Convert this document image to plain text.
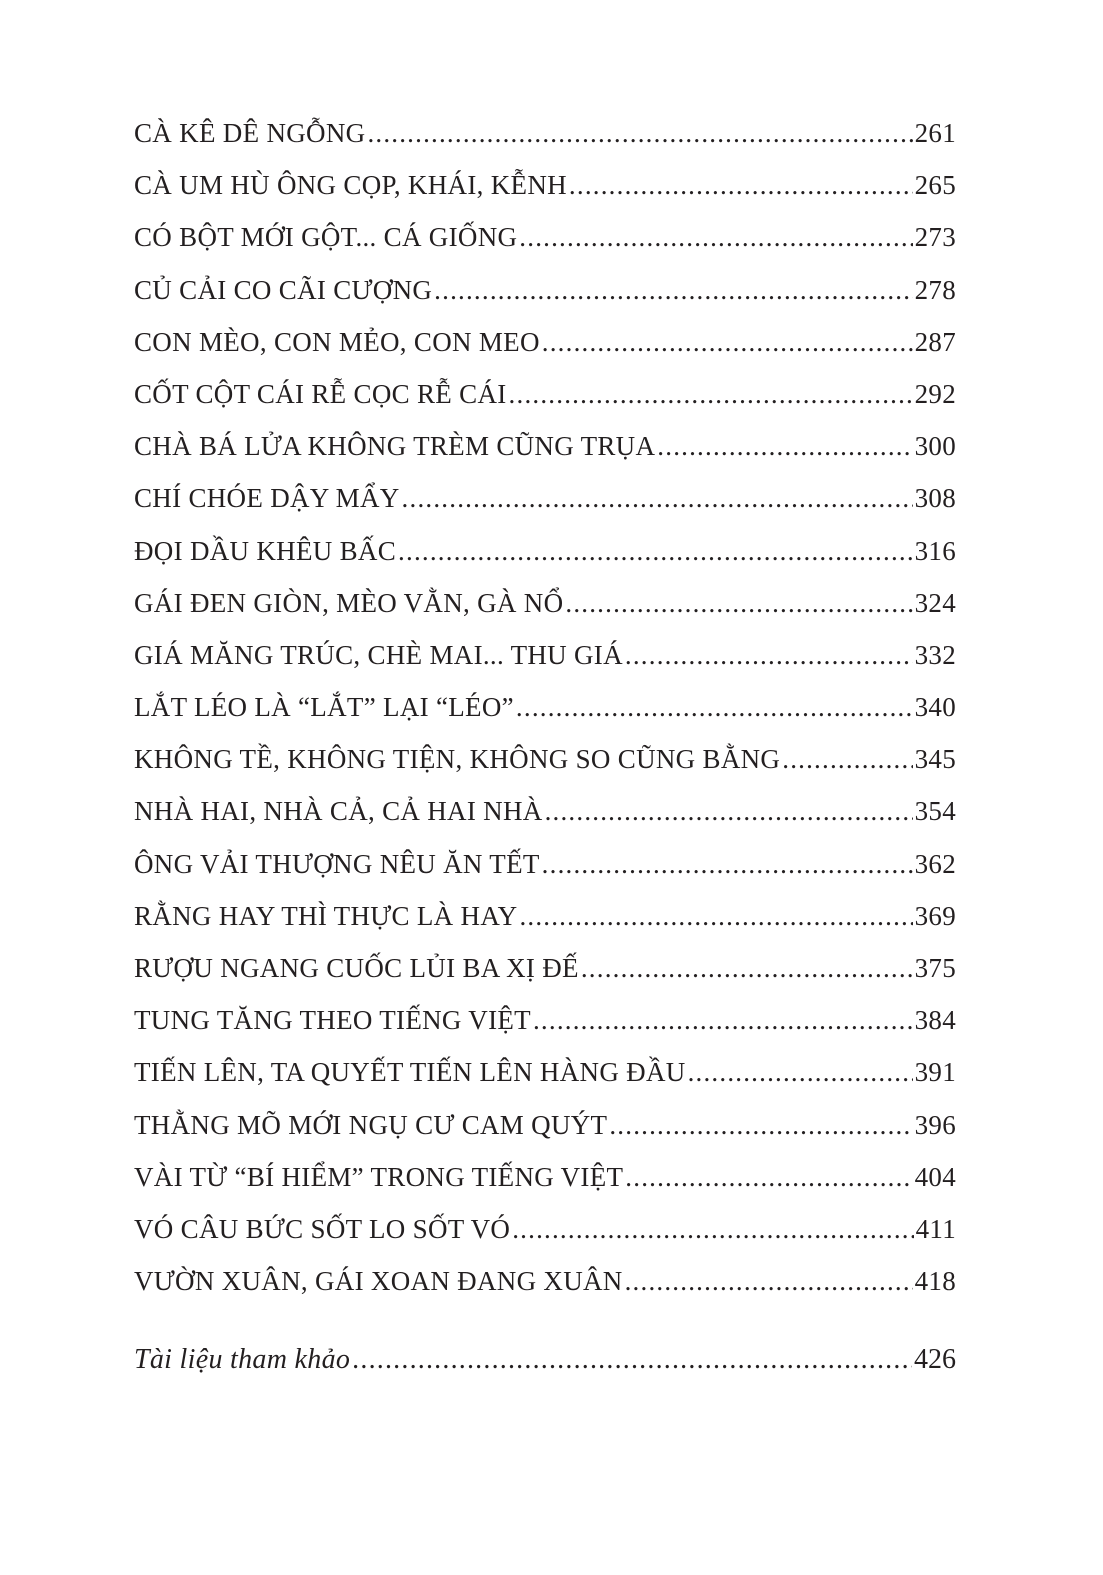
CÀ KÊ DÊ NGỖNG .....	261
CÀ UM HÙ ÔNG CỌP, KHÁI, KỄNH .....	265
CÓ BỘT MỚI GỘT... CÁ GIỐNG .....	273
CỦ CẢI CO CÃI CƯỢNG .....	278
CON MÈO, CON MẺO, CON MEO .....	287
CỐT CỘT CÁI RỄ CỌC RỄ CÁI .....	292
CHÀ BÁ LỬA KHÔNG TRÈM CŨNG TRỤA .....	300
CHÍ CHÓE DẬY MẨY .....	308
ĐỌI DẦU KHÊU BẤC .....	316
GÁI ĐEN GIÒN, MÈO VẰN, GÀ NỔ .....	324
GIÁ MĂNG TRÚC, CHÈ MAI... THU GIÁ .....	332
LẮT LÉO LÀ “LẮT” LẠI “LÉO” .....	340
KHÔNG TỀ, KHÔNG TIỆN, KHÔNG SO CŨNG BẰNG .....	345
NHÀ HAI, NHÀ CẢ, CẢ HAI NHÀ .....	354
ÔNG VẢI THƯỢNG NÊU ĂN TẾT .....	362
RẰNG HAY THÌ THỰC LÀ HAY .....	369
RƯỢU NGANG CUỐC LỦI BA XỊ ĐẾ .....	375
TUNG TĂNG THEO TIẾNG VIỆT .....	384
TIẾN LÊN, TA QUYẾT TIẾN LÊN HÀNG ĐẦU .....	391
THẰNG MÕ MỚI NGỤ CƯ CAM QUÝT .....	396
VÀI TỪ “BÍ HIỂM” TRONG TIẾNG VIỆT .....	404
VÓ CÂU BỨC SỐT LO SỐT VÓ .....	411
VƯỜN XUÂN, GÁI XOAN ĐANG XUÂN .....	418
Tài liệu tham khảo .....	426
